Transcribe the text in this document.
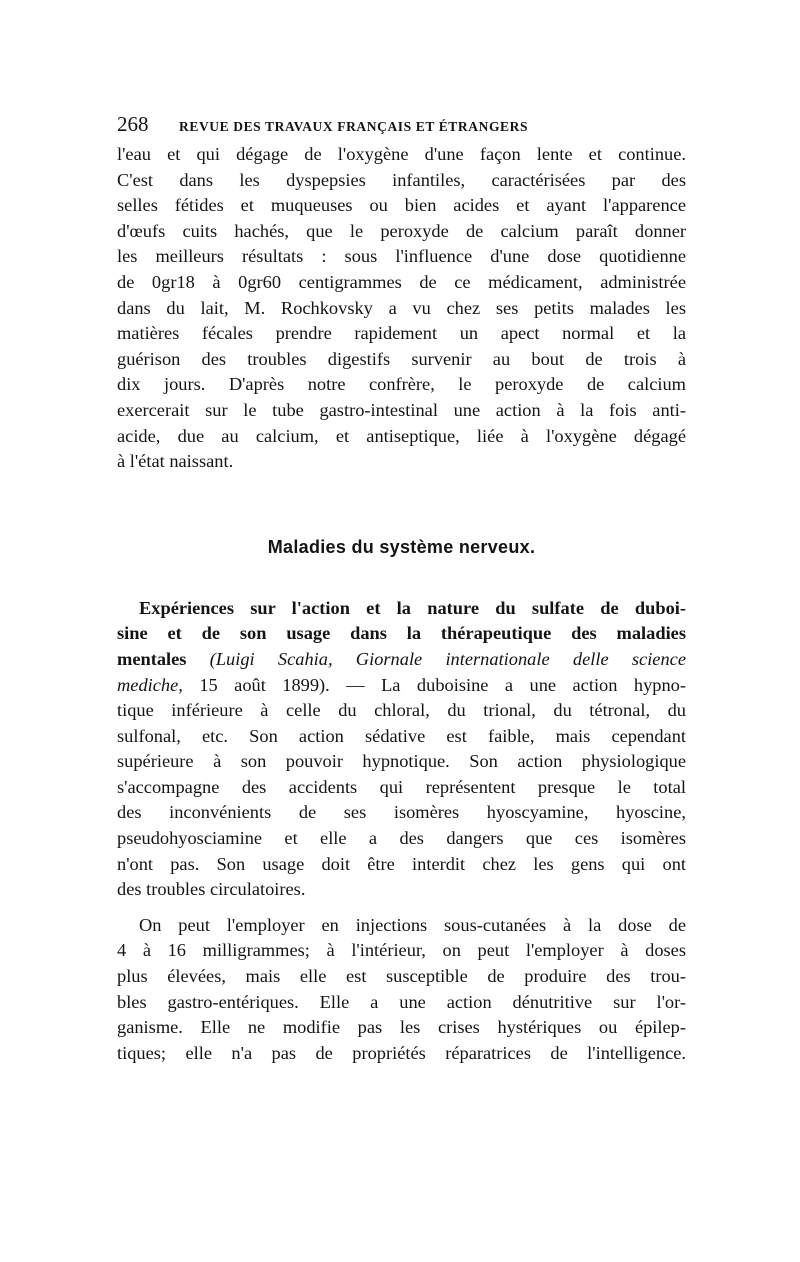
268	REVUE DES TRAVAUX FRANÇAIS ET ÉTRANGERS
l'eau et qui dégage de l'oxygène d'une façon lente et continue.
C'est dans les dyspepsies infantiles, caractérisées par des
selles fétides et muqueuses ou bien acides et ayant l'apparence
d'œufs cuits hachés, que le peroxyde de calcium paraît donner
les meilleurs résultats : sous l'influence d'une dose quotidienne
de 0gr18 à 0gr60 centigrammes de ce médicament, administrée
dans du lait, M. Rochkovsky a vu chez ses petits malades les
matières fécales prendre rapidement un apect normal et la
guérison des troubles digestifs survenir au bout de trois à
dix jours. D'après notre confrère, le peroxyde de calcium
exercerait sur le tube gastro-intestinal une action à la fois anti-
acide, due au calcium, et antiseptique, liée à l'oxygène dégagé
à l'état naissant.
Maladies du système nerveux.
Expériences sur l'action et la nature du sulfate de duboi-
sine et de son usage dans la thérapeutique des maladies
mentales (Luigi Scahia, Giornale internationale delle science
mediche, 15 août 1899). — La duboisine a une action hypno-
tique inférieure à celle du chloral, du trional, du tétronal, du
sulfonal, etc. Son action sédative est faible, mais cependant
supérieure à son pouvoir hypnotique. Son action physiologique
s'accompagne des accidents qui représentent presque le total
des inconvénients de ses isomères hyoscyamine, hyoscine,
pseudohyosciamine et elle a des dangers que ces isomères
n'ont pas. Son usage doit être interdit chez les gens qui ont
des troubles circulatoires.
On peut l'employer en injections sous-cutanées à la dose de
4 à 16 milligrammes; à l'intérieur, on peut l'employer à doses
plus élevées, mais elle est susceptible de produire des trou-
bles gastro-entériques. Elle a une action dénutritive sur l'or-
ganisme. Elle ne modifie pas les crises hystériques ou épilep-
tiques; elle n'a pas de propriétés réparatrices de l'intelligence.
